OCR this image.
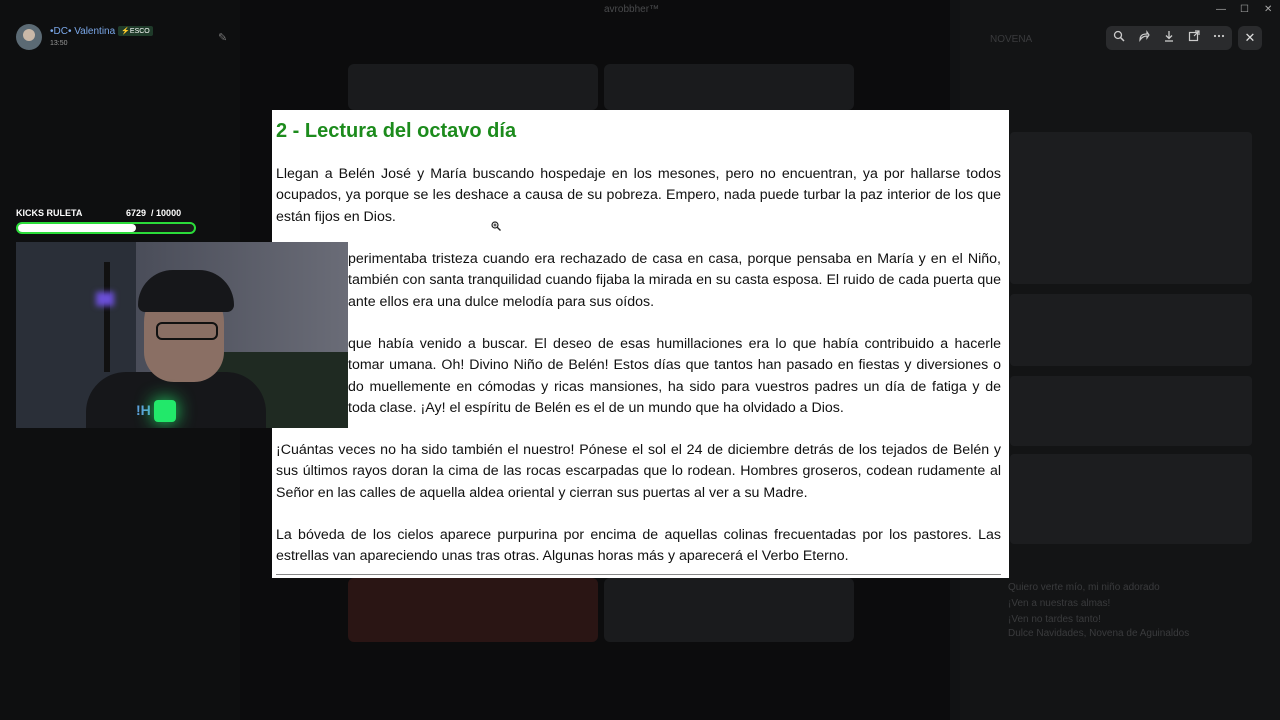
NOVENA
Quiero verte mío, mi niño adorado
¡Ven a nuestras almas!
¡Ven no tardes tanto!
Dulce Navidades, Novena de Aguinaldos
avrobbher™	— ☐ ✕
•DC• Valentina ⚡ESCO
13:50	✎
KICKS RULETA	6729 / 10000
2 - Lectura del octavo día
Llegan a Belén José y María buscando hospedaje en los mesones, pero no encuentran, ya por hallarse todos ocupados, ya porque se les deshace a causa de su pobreza. Empero, nada puede turbar la paz interior de los que están fijos en Dios.
perimentaba tristeza cuando era rechazado de casa en casa, porque pensaba en María y en el Niño, también con santa tranquilidad cuando fijaba la mirada en su casta esposa. El ruido de cada puerta que ante ellos era una dulce melodía para sus oídos.
que había venido a buscar. El deseo de esas humillaciones era lo que había contribuido a hacerle tomar umana. Oh! Divino Niño de Belén! Estos días que tantos han pasado en fiestas y diversiones o do muellemente en cómodas y ricas mansiones, ha sido para vuestros padres un día de fatiga y de toda clase. ¡Ay! el espíritu de Belén es el de un mundo que ha olvidado a Dios.
¡Cuántas veces no ha sido también el nuestro! Pónese el sol el 24 de diciembre detrás de los tejados de Belén y sus últimos rayos doran la cima de las rocas escarpadas que lo rodean. Hombres groseros, codean rudamente al Señor en las calles de aquella aldea oriental y cierran sus puertas al ver a su Madre.
La bóveda de los cielos aparece purpurina por encima de aquellas colinas frecuentadas por los pastores. Las estrellas van apareciendo unas tras otras. Algunas horas más y aparecerá el Verbo Eterno.
!H
✕
